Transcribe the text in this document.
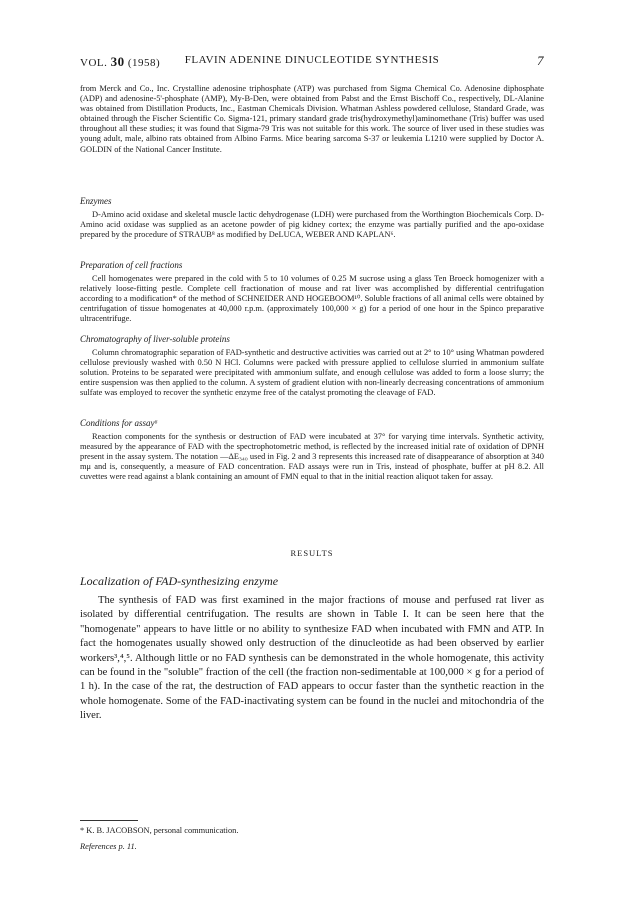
VOL. 30 (1958)	FLAVIN ADENINE DINUCLEOTIDE SYNTHESIS	7

from Merck and Co., Inc. Crystalline adenosine triphosphate (ATP) was purchased from Sigma Chemical Co. Adenosine diphosphate (ADP) and adenosine-5'-phosphate (AMP), My-B-Den, were obtained from Pabst and the Ernst Bischoff Co., respectively, DL-Alanine was obtained from Distillation Products, Inc., Eastman Chemicals Division. Whatman Ashless powdered cellulose, Standard Grade, was obtained through the Fischer Scientific Co. Sigma-121, primary standard grade tris(hydroxymethyl)aminomethane (Tris) buffer was used throughout all these studies; it was found that Sigma-79 Tris was not suitable for this work. The source of liver used in these studies was young adult, male, albino rats obtained from Albino Farms. Mice bearing sarcoma S-37 or leukemia L1210 were supplied by Doctor A. GOLDIN of the National Cancer Institute.

Enzymes

D-Amino acid oxidase and skeletal muscle lactic dehydrogenase (LDH) were purchased from the Worthington Biochemicals Corp. D-Amino acid oxidase was supplied as an acetone powder of pig kidney cortex; the enzyme was partially purified and the apo-oxidase prepared by the procedure of STRAUB⁸ as modified by DeLUCA, WEBER AND KAPLAN⁶.

Preparation of cell fractions

Cell homogenates were prepared in the cold with 5 to 10 volumes of 0.25 M sucrose using a glass Ten Broeck homogenizer with a relatively loose-fitting pestle. Complete cell fractionation of mouse and rat liver was accomplished by differential centrifugation according to a modification* of the method of SCHNEIDER AND HOGEBOOM¹⁰. Soluble fractions of all animal cells were obtained by centrifugation of tissue homogenates at 40,000 r.p.m. (approximately 100,000 × g) for a period of one hour in the Spinco preparative ultracentrifuge.

Chromatography of liver-soluble proteins

Column chromatographic separation of FAD-synthetic and destructive activities was carried out at 2° to 10° using Whatman powdered cellulose previously washed with 0.50 N HCl. Columns were packed with pressure applied to cellulose slurried in ammonium sulfate solution. Proteins to be separated were precipitated with ammonium sulfate, and enough cellulose was added to form a loose slurry; the entire suspension was then applied to the column. A system of gradient elution with non-linearly decreasing concentrations of ammonium sulfate was employed to recover the synthetic enzyme free of the catalyst promoting the cleavage of FAD.

Conditions for assay⁶

Reaction components for the synthesis or destruction of FAD were incubated at 37° for varying time intervals. Synthetic activity, measured by the appearance of FAD with the spectrophotometric method, is reflected by the increased initial rate of oxidation of DPNH present in the assay system. The notation —ΔE₃₄₀ used in Fig. 2 and 3 represents this increased rate of disappearance of absorption at 340 mμ and is, consequently, a measure of FAD concentration. FAD assays were run in Tris, instead of phosphate, buffer at pH 8.2. All cuvettes were read against a blank containing an amount of FMN equal to that in the initial reaction aliquot taken for assay.

RESULTS

Localization of FAD-synthesizing enzyme

The synthesis of FAD was first examined in the major fractions of mouse and perfused rat liver as isolated by differential centrifugation. The results are shown in Table I. It can be seen here that the "homogenate" appears to have little or no ability to synthesize FAD when incubated with FMN and ATP. In fact the homogenates usually showed only destruction of the dinucleotide as had been observed by earlier workers³,⁴,⁵. Although little or no FAD synthesis can be demonstrated in the whole homogenate, this activity can be found in the "soluble" fraction of the cell (the fraction non-sedimentable at 100,000 × g for a period of 1 h). In the case of the rat, the destruction of FAD appears to occur faster than the synthetic reaction in the whole homogenate. Some of the FAD-inactivating system can be found in the nuclei and mitochondria of the liver.

* K. B. JACOBSON, personal communication.

References p. 11.
